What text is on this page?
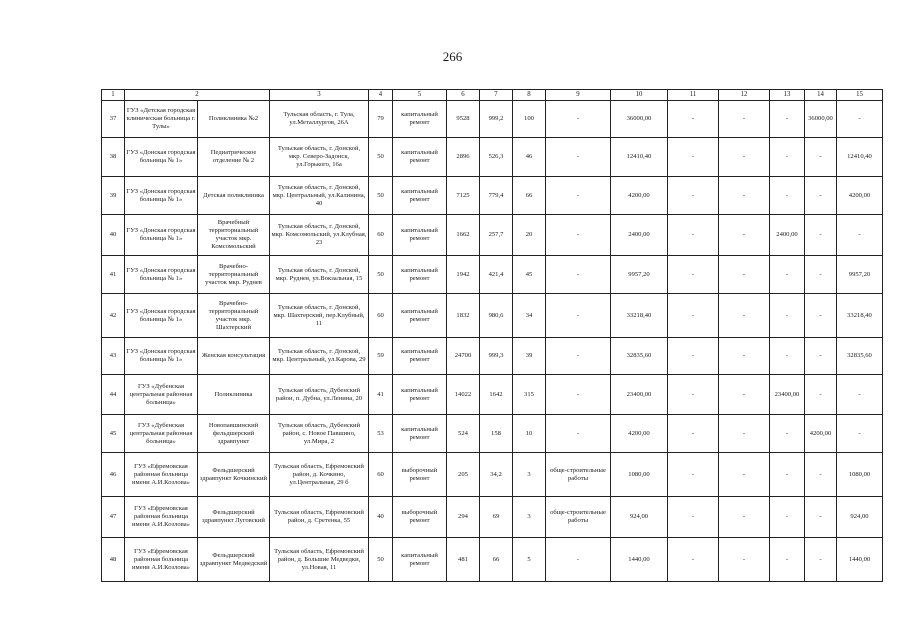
266
1	2		3	4	5	6	7	8	9	10	11	12	13	14	15
37	ГУЗ «Детская городская клиническая больница г. Тулы»	Поликлиника №2	Тульская область, г. Тула, ул.Металлургов, 26А	79	капитальный ремонт	9528	999,2	100	-	36000,00	-	-	-	36000,00	-
38	ГУЗ «Донская городская больница № 1»	Педиатрическое отделение № 2	Тульская область, г. Донской, мкр. Северо-Задонск, ул.Горького, 16а	50	капитальный ремонт	2896	526,3	46	-	12410,40	-	-	-	-	12410,40
39	ГУЗ «Донская городская больница № 1»	Детская поликлиника	Тульская область, г. Донской, мкр. Центральный, ул.Калинина, 40	50	капитальный ремонт	7125	779,4	66	-	4200,00	-	-	-	-	4200,00
40	ГУЗ «Донская городская больница № 1»	Врачебный территориальный участок мкр. Комсомольский	Тульская область, г. Донской, мкр. Комсомольский, ул.Клубная, 23	60	капитальный ремонт	1662	257,7	20	-	2400,00	-	-	2400,00	-	-
41	ГУЗ «Донская городская больница № 1»	Врачебно-территориальный участок мкр. Руднев	Тульская область, г. Донской, мкр. Руднев, ул.Вокзальная, 15	50	капитальный ремонт	1942	421,4	45	-	9957,20	-	-	-	-	9957,20
42	ГУЗ «Донская городская больница № 1»	Врачебно-территориальный участок мкр. Шахтерский	Тульская область, г. Донской, мкр. Шахтерский, пер.Клубный, 11	60	капитальный ремонт	1832	980,6	34	-	33218,40	-	-	-	-	33218,40
43	ГУЗ «Донская городская больница № 1»	Женская консультация	Тульская область, г. Донской, мкр. Центральный, ул.Карова, 29	59	капитальный ремонт	24700	999,3	39	-	32835,60	-	-	-	-	32835,60
44	ГУЗ «Дубенская центральная районная больница»	Поликлиника	Тульская область, Дубенский район, п. Дубна, ул.Ленина, 20	41	капитальный ремонт	14022	1642	315	-	23400,00	-	-	23400,00	-	-
45	ГУЗ «Дубенская центральная районная больница»	Новопавшинский фельдшерский здравпункт	Тульская область, Дубенский район, с. Новое Павшино, ул.Мира, 2	53	капитальный ремонт	524	158	10	-	4200,00	-	-	-	4200,00	-
46	ГУЗ «Ефремовская районная больница имени А.И.Козлова»	Фельдшерский здравпункт Кочкинский	Тульская область, Ефремовский район, д. Кочкино, ул.Центральная, 29 б	60	выборочный ремонт	205	34,2	3	обще-строительные работы	1080,00	-	-	-	-	1080,00
47	ГУЗ «Ефремовская районная больница имени А.И.Козлова»	Фельдшерский здравпункт Луговский	Тульская область, Ефремовский район, д. Сретенка, 55	40	выборочный ремонт	294	69	3	обще-строительные работы	924,00	-	-	-	-	924,00
48	ГУЗ «Ефремовская районная больница имени А.И.Козлова»	Фельдшерский здравпункт Медведский	Тульская область, Ефремовский район, д. Большие Медведки, ул.Новая, 11	50	капитальный ремонт	481	66	5	-	1440,00	-	-	-	-	1440,00
